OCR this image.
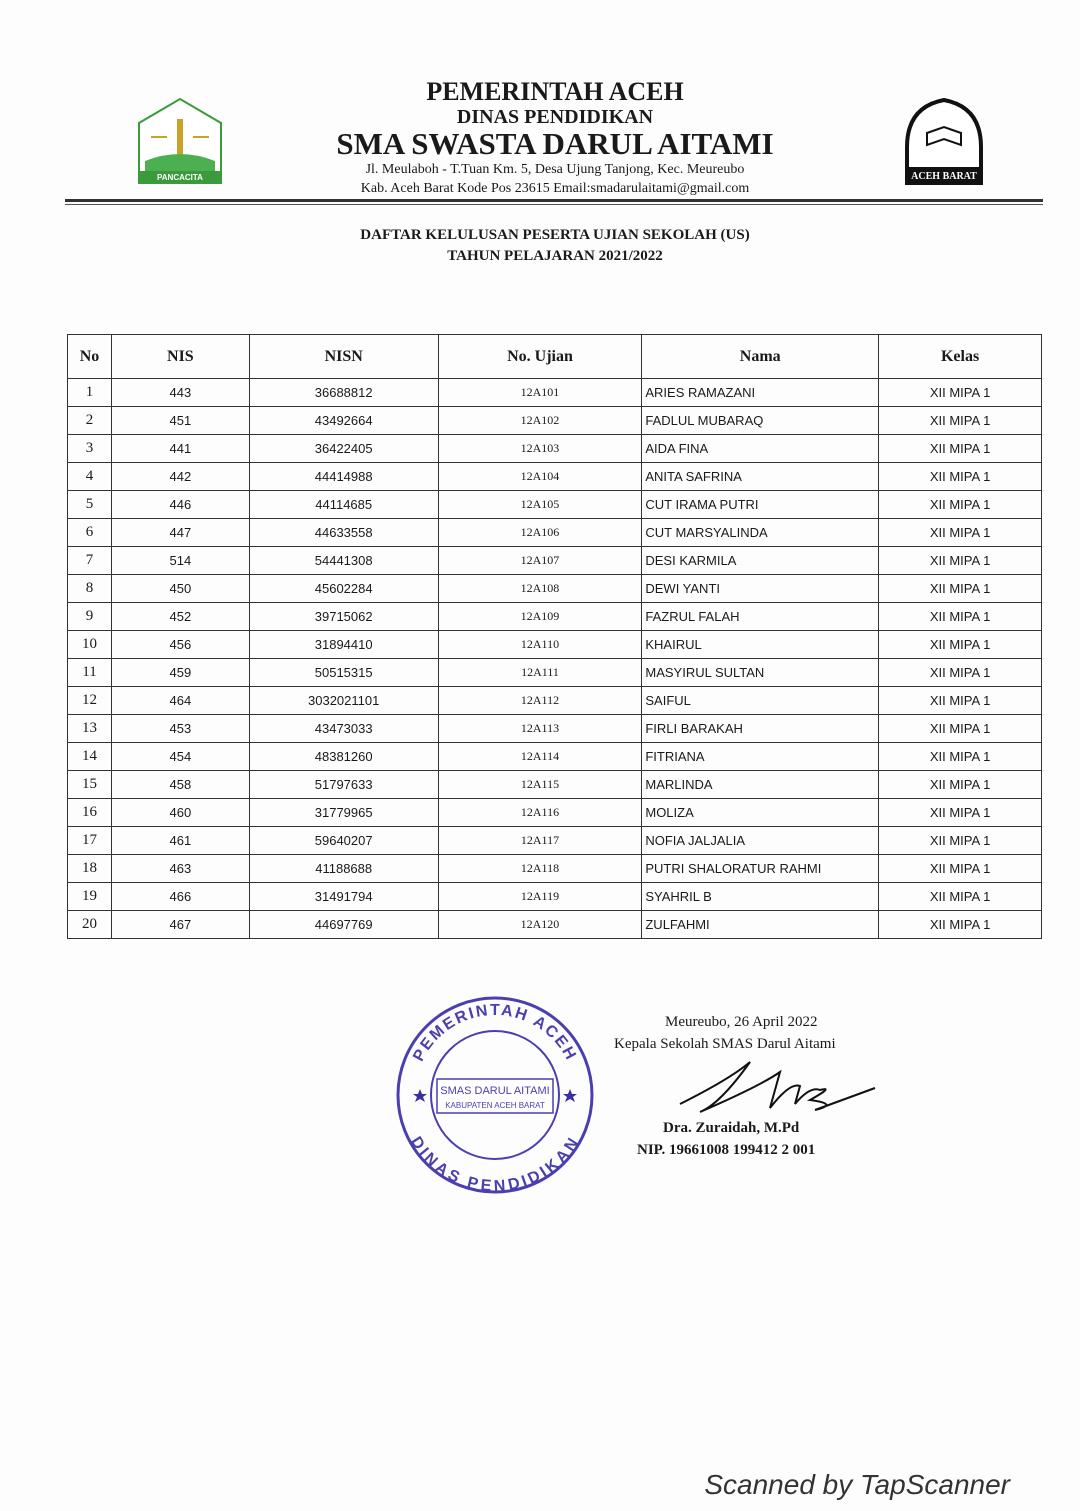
PANCACITA	ACEH BARAT
PEMERINTAH ACEH
DINAS PENDIDIKAN
SMA SWASTA DARUL AITAMI
Jl. Meulaboh - T.Tuan Km. 5, Desa Ujung Tanjong, Kec. Meureubo
Kab. Aceh Barat Kode Pos 23615 Email:smadarulaitami@gmail.com
DAFTAR KELULUSAN PESERTA UJIAN SEKOLAH (US)
TAHUN PELAJARAN 2021/2022
No	NIS	NISN	No. Ujian	Nama	Kelas
1	443	36688812	12A101	ARIES RAMAZANI	XII MIPA 1
2	451	43492664	12A102	FADLUL MUBARAQ	XII MIPA 1
3	441	36422405	12A103	AIDA FINA	XII MIPA 1
4	442	44414988	12A104	ANITA SAFRINA	XII MIPA 1
5	446	44114685	12A105	CUT IRAMA PUTRI	XII MIPA 1
6	447	44633558	12A106	CUT MARSYALINDA	XII MIPA 1
7	514	54441308	12A107	DESI KARMILA	XII MIPA 1
8	450	45602284	12A108	DEWI YANTI	XII MIPA 1
9	452	39715062	12A109	FAZRUL FALAH	XII MIPA 1
10	456	31894410	12A110	KHAIRUL	XII MIPA 1
11	459	50515315	12A111	MASYIRUL SULTAN	XII MIPA 1
12	464	3032021101	12A112	SAIFUL	XII MIPA 1
13	453	43473033	12A113	FIRLI BARAKAH	XII MIPA 1
14	454	48381260	12A114	FITRIANA	XII MIPA 1
15	458	51797633	12A115	MARLINDA	XII MIPA 1
16	460	31779965	12A116	MOLIZA	XII MIPA 1
17	461	59640207	12A117	NOFIA JALJALIA	XII MIPA 1
18	463	41188688	12A118	PUTRI SHALORATUR RAHMI	XII MIPA 1
19	466	31491794	12A119	SYAHRIL B	XII MIPA 1
20	467	44697769	12A120	ZULFAHMI	XII MIPA 1
PEMERINTAH ACEH
DINAS PENDIDIKAN
SMAS DARUL AITAMI
KABUPATEN ACEH BARAT
Meureubo, 26 April 2022
Kepala Sekolah SMAS Darul Aitami
Dra. Zuraidah, M.Pd
NIP. 19661008 199412 2 001
Scanned by TapScanner
